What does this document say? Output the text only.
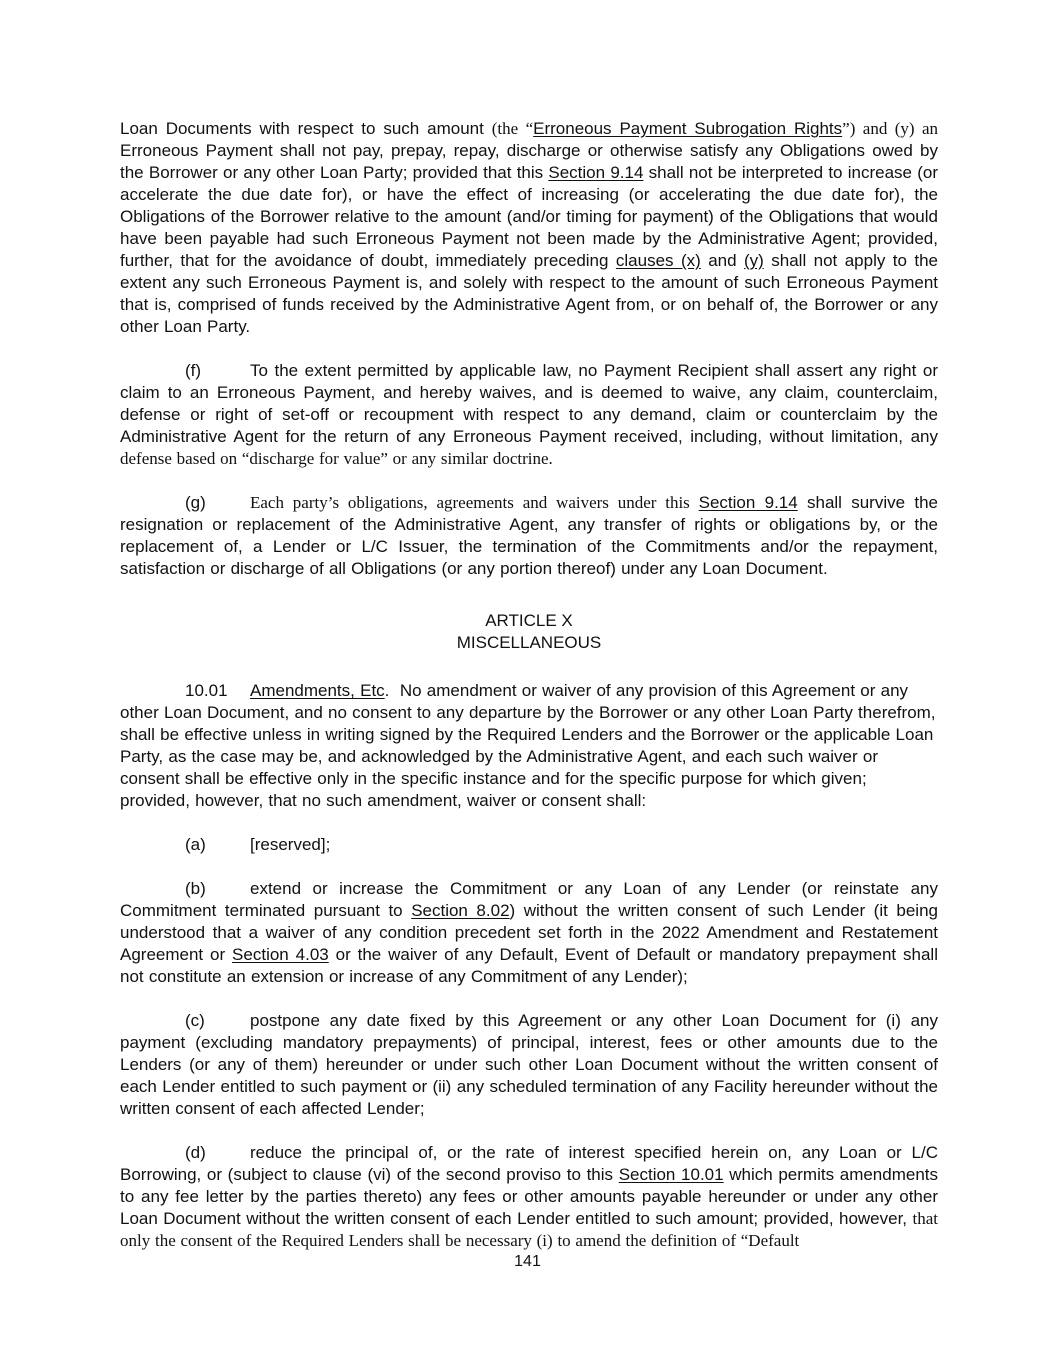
Loan Documents with respect to such amount (the “Erroneous Payment Subrogation Rights”) and (y) an Erroneous Payment shall not pay, prepay, repay, discharge or otherwise satisfy any Obligations owed by the Borrower or any other Loan Party; provided that this Section 9.14 shall not be interpreted to increase (or accelerate the due date for), or have the effect of increasing (or accelerating the due date for), the Obligations of the Borrower relative to the amount (and/or timing for payment) of the Obligations that would have been payable had such Erroneous Payment not been made by the Administrative Agent; provided, further, that for the avoidance of doubt, immediately preceding clauses (x) and (y) shall not apply to the extent any such Erroneous Payment is, and solely with respect to the amount of such Erroneous Payment that is, comprised of funds received by the Administrative Agent from, or on behalf of, the Borrower or any other Loan Party.

(f)	To the extent permitted by applicable law, no Payment Recipient shall assert any right or claim to an Erroneous Payment, and hereby waives, and is deemed to waive, any claim, counterclaim, defense or right of set-off or recoupment with respect to any demand, claim or counterclaim by the Administrative Agent for the return of any Erroneous Payment received, including, without limitation, any defense based on “discharge for value” or any similar doctrine.

(g)	Each party’s obligations, agreements and waivers under this Section 9.14 shall survive the resignation or replacement of the Administrative Agent, any transfer of rights or obligations by, or the replacement of, a Lender or L/C Issuer, the termination of the Commitments and/or the repayment, satisfaction or discharge of all Obligations (or any portion thereof) under any Loan Document.

ARTICLE X
MISCELLANEOUS

10.01 Amendments, Etc.  No amendment or waiver of any provision of this Agreement or any other Loan Document, and no consent to any departure by the Borrower or any other Loan Party therefrom, shall be effective unless in writing signed by the Required Lenders and the Borrower or the applicable Loan Party, as the case may be, and acknowledged by the Administrative Agent, and each such waiver or consent shall be effective only in the specific instance and for the specific purpose for which given; provided, however, that no such amendment, waiver or consent shall:

(a)	[reserved];

(b)	extend or increase the Commitment or any Loan of any Lender (or reinstate any Commitment terminated pursuant to Section 8.02) without the written consent of such Lender (it being understood that a waiver of any condition precedent set forth in the 2022 Amendment and Restatement Agreement or Section 4.03 or the waiver of any Default, Event of Default or mandatory prepayment shall not constitute an extension or increase of any Commitment of any Lender);

(c)	postpone any date fixed by this Agreement or any other Loan Document for (i) any payment (excluding mandatory prepayments) of principal, interest, fees or other amounts due to the Lenders (or any of them) hereunder or under such other Loan Document without the written consent of each Lender entitled to such payment or (ii) any scheduled termination of any Facility hereunder without the written consent of each affected Lender;

(d)	reduce the principal of, or the rate of interest specified herein on, any Loan or L/C Borrowing, or (subject to clause (vi) of the second proviso to this Section 10.01 which permits amendments to any fee letter by the parties thereto) any fees or other amounts payable hereunder or under any other Loan Document without the written consent of each Lender entitled to such amount; provided, however, that only the consent of the Required Lenders shall be necessary (i) to amend the definition of “Default

141
